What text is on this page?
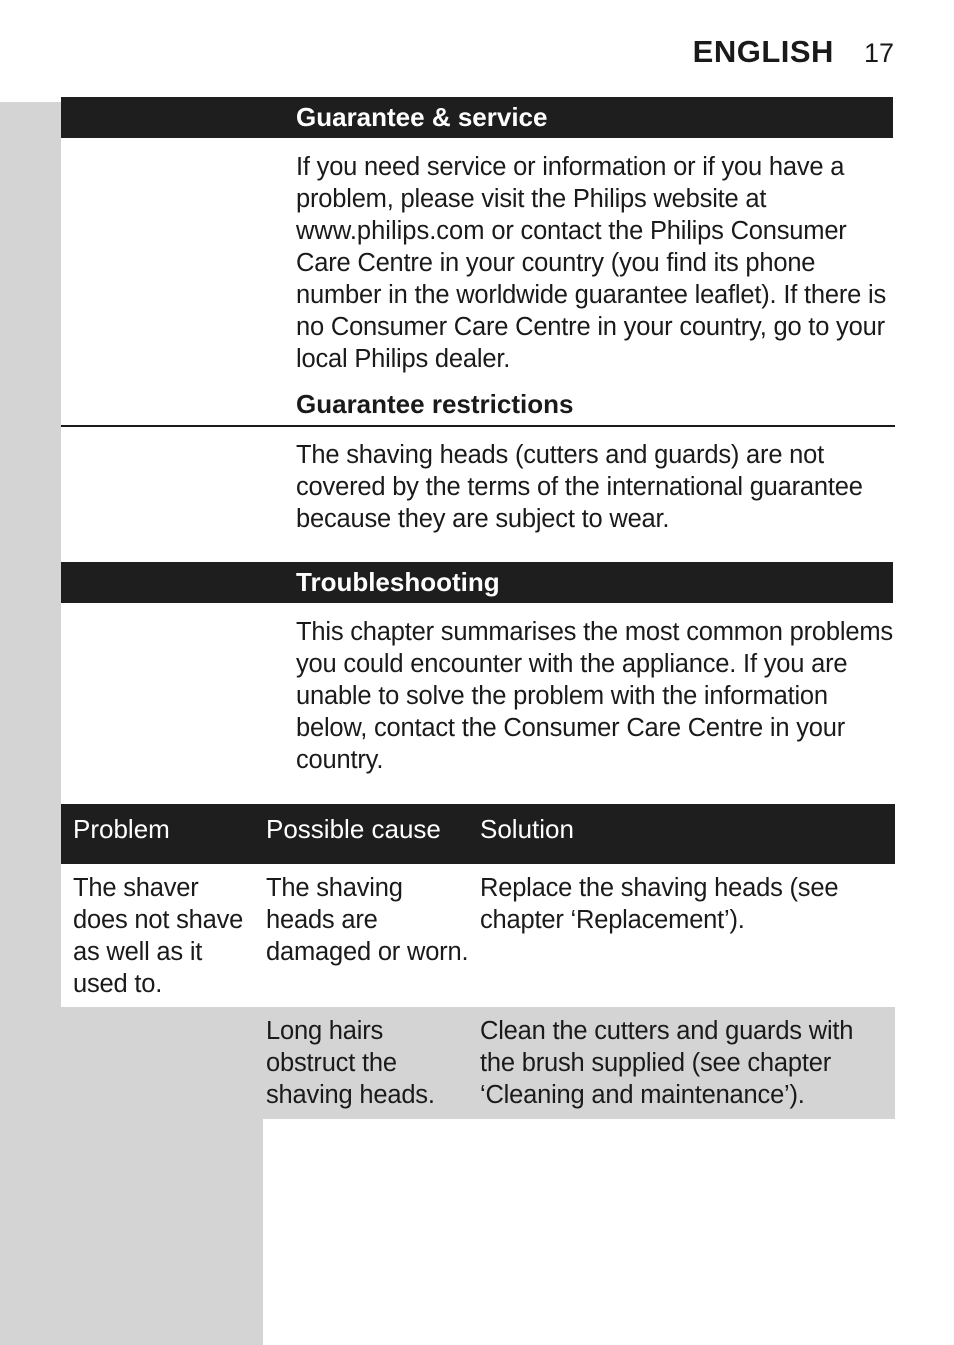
ENGLISH 17
Guarantee & service

If you need service or information or if you have a problem, please visit the Philips website at www.philips.com or contact the Philips Consumer Care Centre in your country (you find its phone number in the worldwide guarantee leaflet). If there is no Consumer Care Centre in your country, go to your local Philips dealer.

Guarantee restrictions

The shaving heads (cutters and guards) are not covered by the terms of the international guarantee because they are subject to wear.

Troubleshooting

This chapter summarises the most common problems you could encounter with the appliance. If you are unable to solve the problem with the information below, contact the Consumer Care Centre in your country.

Problem	Possible cause	Solution
The shaver does not shave as well as it used to.
The shaving heads are damaged or worn.
Replace the shaving heads (see chapter ‘Replacement’).
Long hairs obstruct the shaving heads.
Clean the cutters and guards with the brush supplied (see chapter ‘Cleaning and maintenance’).
